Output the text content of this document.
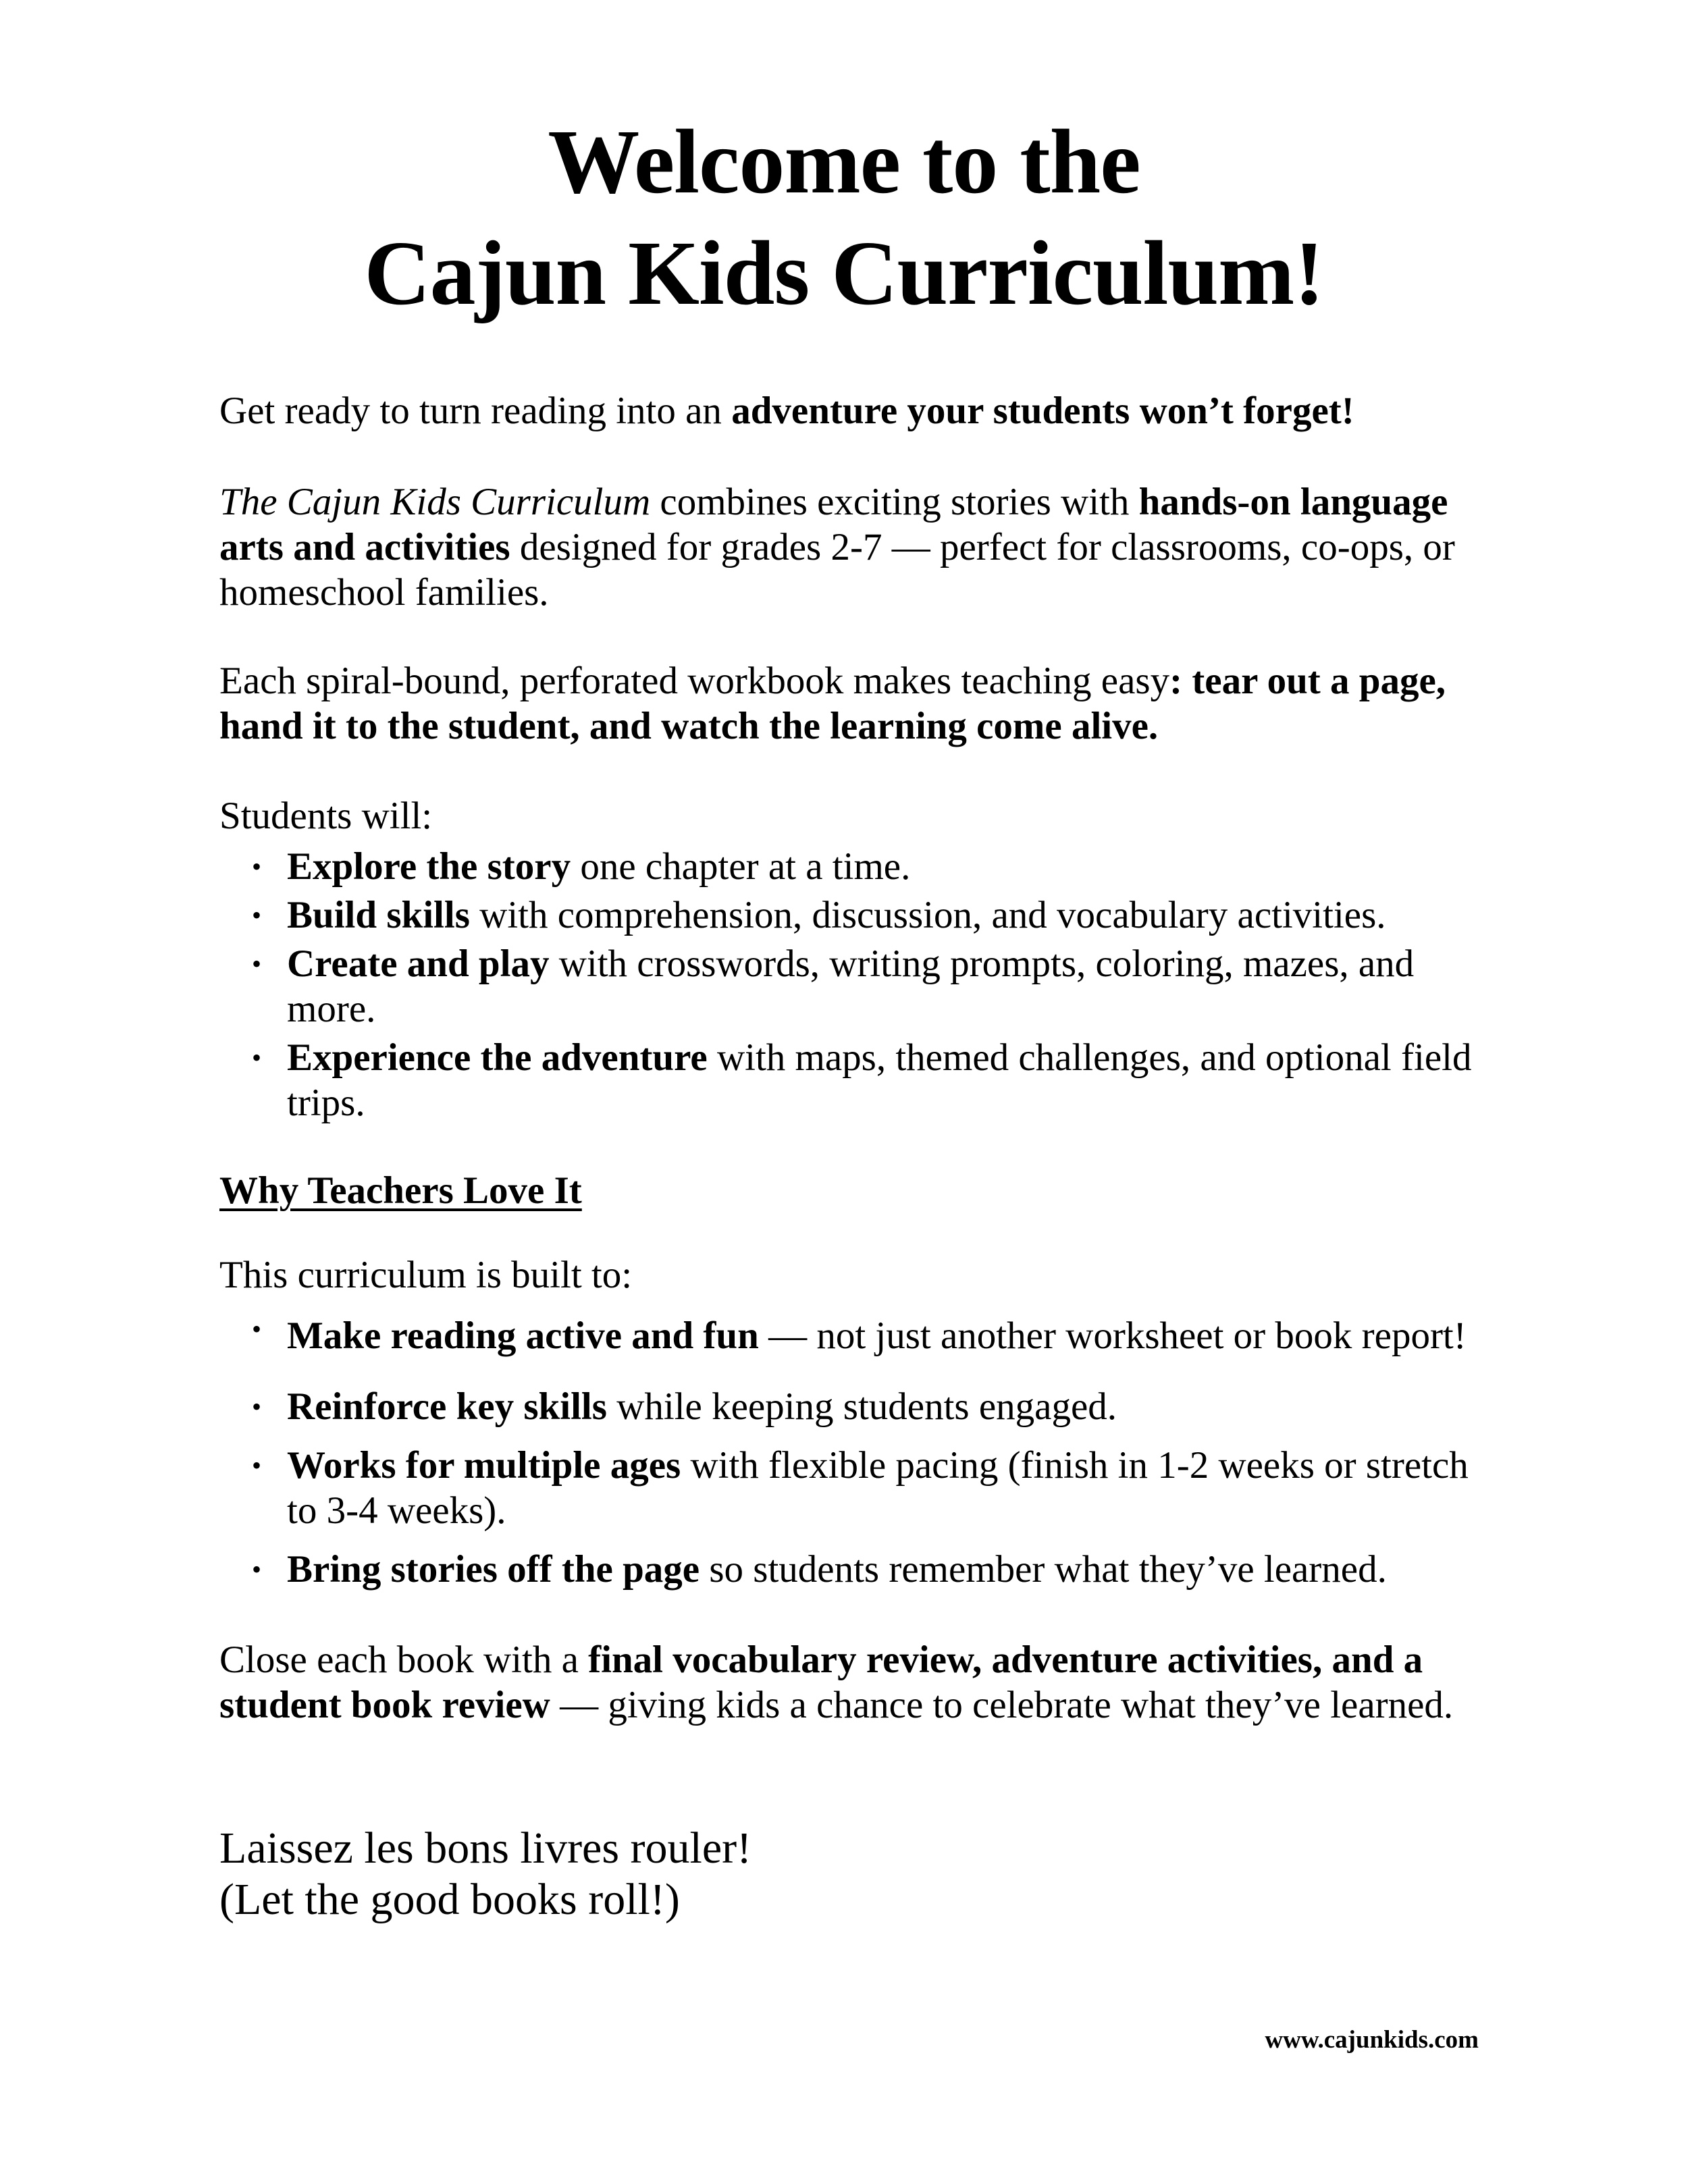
Welcome to the
Cajun Kids Curriculum!

Get ready to turn reading into an adventure your students won’t forget!

The Cajun Kids Curriculum combines exciting stories with hands-on language arts and activities designed for grades 2-7 — perfect for classrooms, co-ops, or homeschool families.

Each spiral-bound, perforated workbook makes teaching easy: tear out a page, hand it to the student, and watch the learning come alive.

Students will:

• Explore the story one chapter at a time.
• Build skills with comprehension, discussion, and vocabulary activities.
• Create and play with crosswords, writing prompts, coloring, mazes, and more.
• Experience the adventure with maps, themed challenges, and optional field trips.

Why Teachers Love It

This curriculum is built to:

• Make reading active and fun — not just another worksheet or book report!
• Reinforce key skills while keeping students engaged.
• Works for multiple ages with flexible pacing (finish in 1-2 weeks or stretch to 3-4 weeks).
• Bring stories off the page so students remember what they’ve learned.

Close each book with a final vocabulary review, adventure activities, and a student book review — giving kids a chance to celebrate what they’ve learned.

Laissez les bons livres rouler!
(Let the good books roll!)

www.cajunkids.com
